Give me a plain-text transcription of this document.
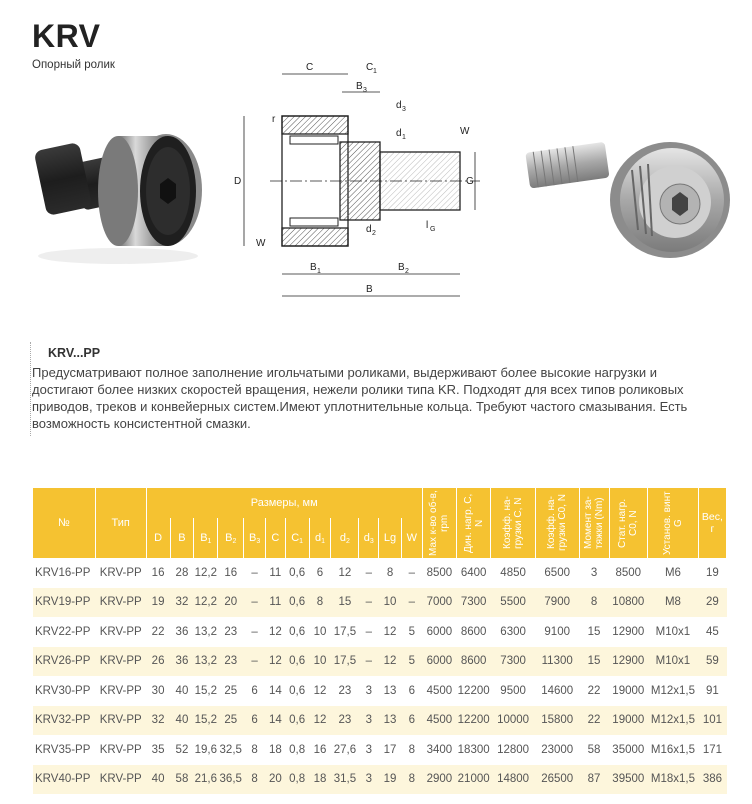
KRV
Опорный ролик	C	C 1
B 3
d 3
r
W
d 1
D	G
d 2
l G
W
B 1	B 2
B
KRV...PP
Предусматривают полное заполнение игольчатыми роликами, выдерживают более высокие нагрузки и достигают более низких скоростей вращения, нежели ролики типа KR. Подходят для всех типов роликовых приводов, треков и конвейерных систем.Имеют уплотнительные кольца. Требуют частого смазывания. Есть возможность консистентной смазки.
№	Тип	Размеры, мм												Мах к-во об-в, rpm	Дин. нагр. C, N	Коэфф. на-грузки C, N	Коэфф. на-грузки C0, N	Момент за-тяжки (Nm)	Стат. нагр. C0, N	Устанoв. винт G	Вес, г
		D	B	$B_1$	$B_2$	$B_3$	C	$C_1$	$d_1$	$d_2$	$d_3$	Lg	W								
KRV16-PP	KRV-PP	16	28	12,2	16	–	11	0,6	6	12	–	8	–	8500	6400	4850	6500	3	8500	M6	19
KRV19-PP	KRV-PP	19	32	12,2	20	–	11	0,6	8	15	–	10	–	7000	7300	5500	7900	8	10800	M8	29
KRV22-PP	KRV-PP	22	36	13,2	23	–	12	0,6	10	17,5	–	12	5	6000	8600	6300	9100	15	12900	M10x1	45
KRV26-PP	KRV-PP	26	36	13,2	23	–	12	0,6	10	17,5	–	12	5	6000	8600	7300	11300	15	12900	M10x1	59
KRV30-PP	KRV-PP	30	40	15,2	25	6	14	0,6	12	23	3	13	6	4500	12200	9500	14600	22	19000	M12x1,5	91
KRV32-PP	KRV-PP	32	40	15,2	25	6	14	0,6	12	23	3	13	6	4500	12200	10000	15800	22	19000	M12x1,5	101
KRV35-PP	KRV-PP	35	52	19,6	32,5	8	18	0,8	16	27,6	3	17	8	3400	18300	12800	23000	58	35000	M16x1,5	171
KRV40-PP	KRV-PP	40	58	21,6	36,5	8	20	0,8	18	31,5	3	19	8	2900	21000	14800	26500	87	39500	M18x1,5	386
